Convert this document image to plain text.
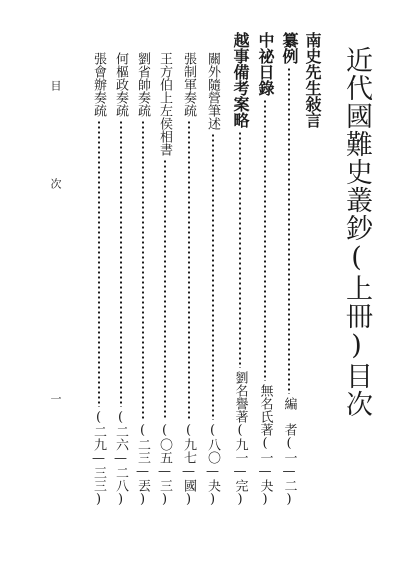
近代國難史叢鈔(上冊)目次
南史先生敍言
纂例
編　者
(一—二)
中祕日錄
無名氏著
(一—夬)
越事備考案略
劉名譽著
(九一—完)
關外隨營筆述
(八〇—夬)
張制軍奏疏
(九七—國)
王方伯上左侯相書
(〇五—三)
劉省帥奏疏
(二三—丟)
何樞政奏疏
(二六—二八)
張會辦奏疏
(二九—三三)
目　次
一
